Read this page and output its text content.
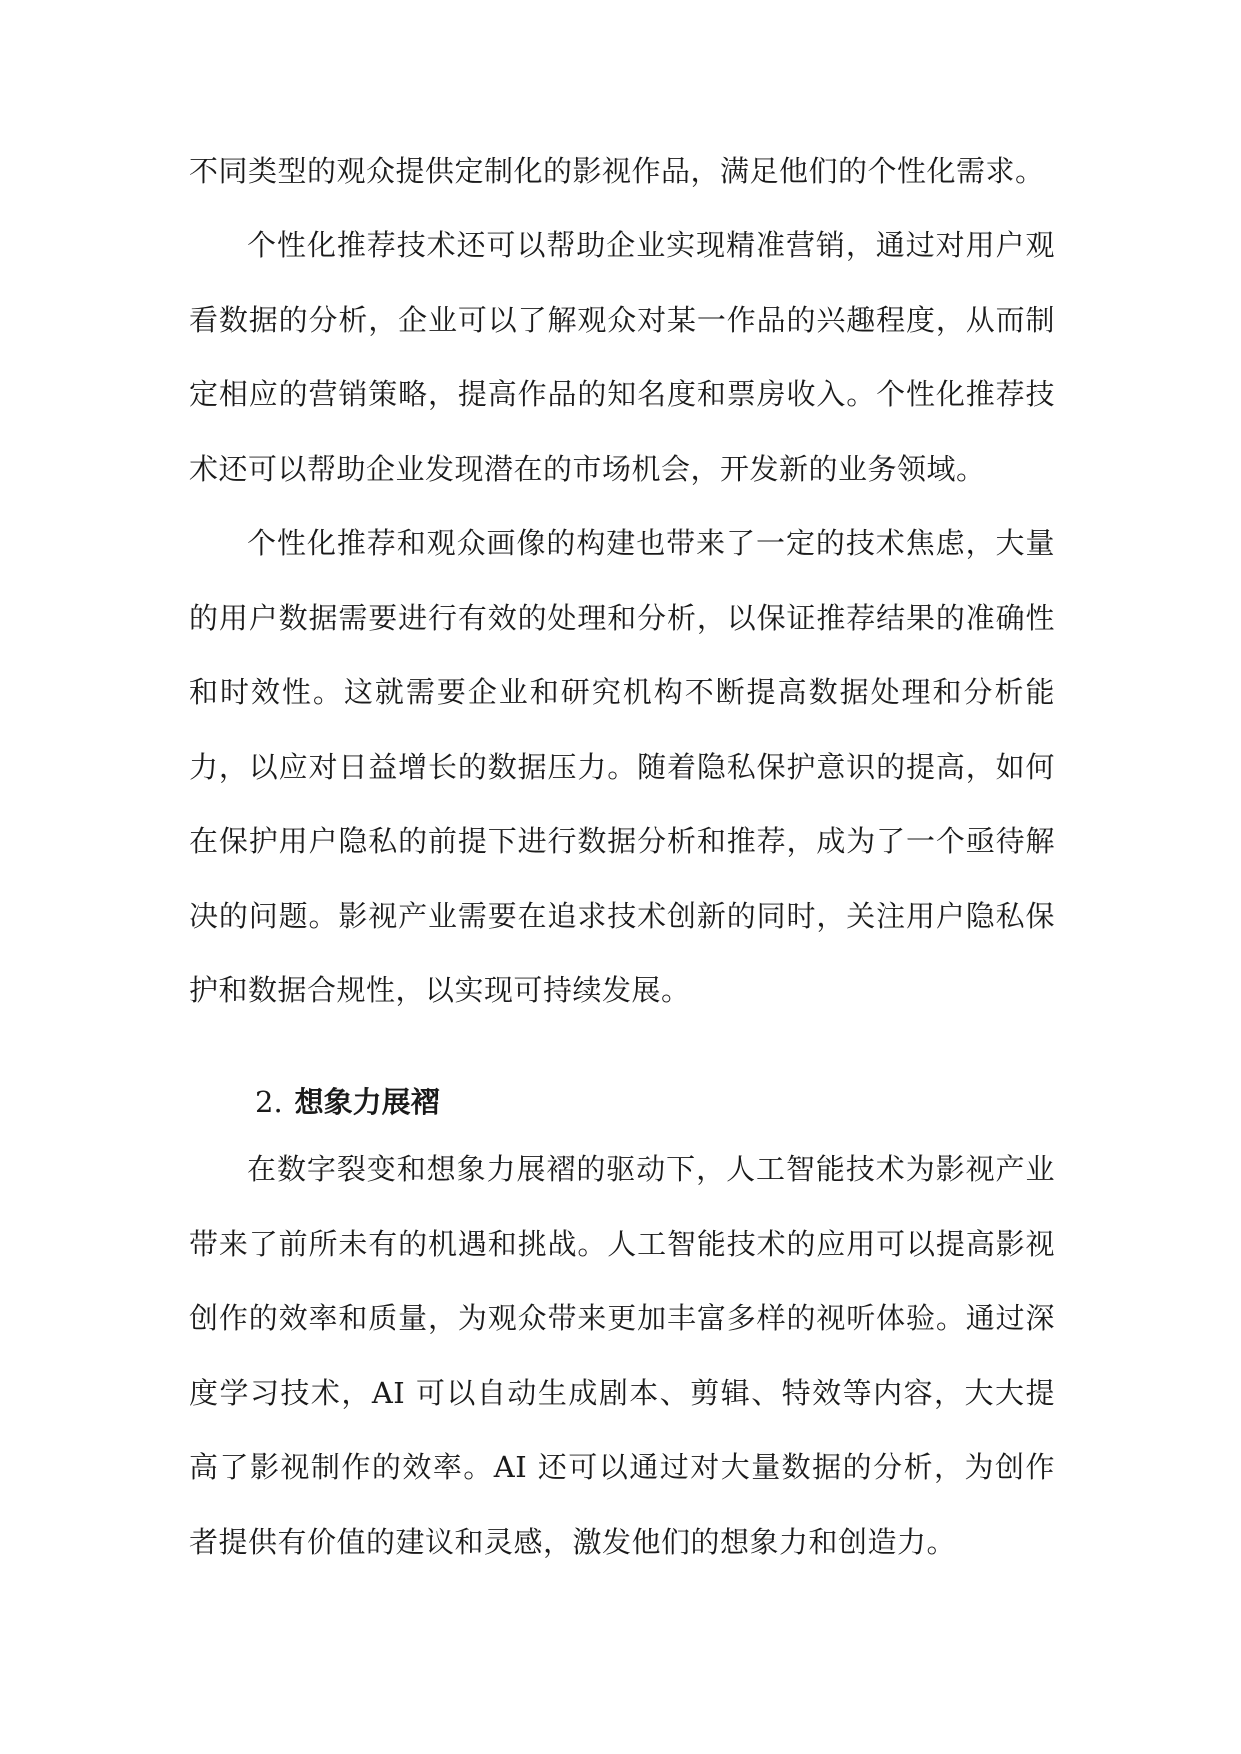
不同类型的观众提供定制化的影视作品，满足他们的个性化需求。

个性化推荐技术还可以帮助企业实现精准营销，通过对用户观看数据的分析，企业可以了解观众对某一作品的兴趣程度，从而制定相应的营销策略，提高作品的知名度和票房收入。个性化推荐技术还可以帮助企业发现潜在的市场机会，开发新的业务领域。

个性化推荐和观众画像的构建也带来了一定的技术焦虑，大量的用户数据需要进行有效的处理和分析，以保证推荐结果的准确性和时效性。这就需要企业和研究机构不断提高数据处理和分析能力，以应对日益增长的数据压力。随着隐私保护意识的提高，如何在保护用户隐私的前提下进行数据分析和推荐，成为了一个亟待解决的问题。影视产业需要在追求技术创新的同时，关注用户隐私保护和数据合规性，以实现可持续发展。

2. 想象力展褶

在数字裂变和想象力展褶的驱动下，人工智能技术为影视产业带来了前所未有的机遇和挑战。人工智能技术的应用可以提高影视创作的效率和质量，为观众带来更加丰富多样的视听体验。通过深度学习技术，AI 可以自动生成剧本、剪辑、特效等内容，大大提高了影视制作的效率。AI 还可以通过对大量数据的分析，为创作者提供有价值的建议和灵感，激发他们的想象力和创造力。
